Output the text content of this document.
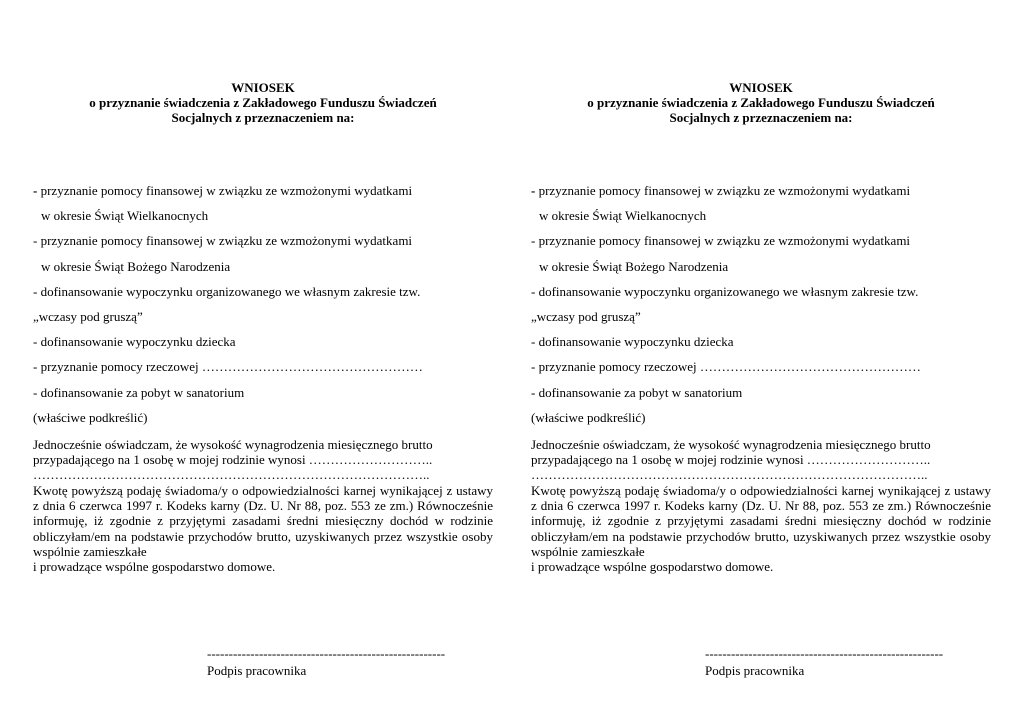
WNIOSEK
o przyznanie świadczenia z Zakładowego Funduszu Świadczeń
Socjalnych z przeznaczeniem na:
- przyznanie pomocy finansowej w związku ze wzmożonymi wydatkami
w okresie Świąt Wielkanocnych
- przyznanie pomocy finansowej w związku ze wzmożonymi wydatkami
w okresie Świąt Bożego Narodzenia
- dofinansowanie wypoczynku organizowanego we własnym zakresie tzw.
„wczasy pod gruszą”
- dofinansowanie wypoczynku dziecka
- przyznanie pomocy rzeczowej ……………………………………………
- dofinansowanie za pobyt w sanatorium
(właściwe podkreślić)

Jednocześnie oświadczam, że wysokość wynagrodzenia miesięcznego brutto

przypadającego na 1 osobę w mojej rodzinie wynosi ………………………..

………………………………………………………………………………..

Kwotę powyższą podaję świadoma/y o odpowiedzialności karnej wynikającej z ustawy z dnia 6 czerwca 1997 r. Kodeks karny (Dz. U. Nr 88, poz. 553 ze zm.) Równocześnie informuję, iż zgodnie z przyjętymi zasadami średni miesięczny dochód w rodzinie obliczyłam/em na podstawie przychodów brutto, uzyskiwanych przez wszystkie osoby wspólnie zamieszkałe

i prowadzące wspólne gospodarstwo domowe.

-------------------------------------------------------
Podpis pracownika
WNIOSEK
o przyznanie świadczenia z Zakładowego Funduszu Świadczeń
Socjalnych z przeznaczeniem na:
- przyznanie pomocy finansowej w związku ze wzmożonymi wydatkami
w okresie Świąt Wielkanocnych
- przyznanie pomocy finansowej w związku ze wzmożonymi wydatkami
w okresie Świąt Bożego Narodzenia
- dofinansowanie wypoczynku organizowanego we własnym zakresie tzw.
„wczasy pod gruszą”
- dofinansowanie wypoczynku dziecka
- przyznanie pomocy rzeczowej ……………………………………………
- dofinansowanie za pobyt w sanatorium
(właściwe podkreślić)

Jednocześnie oświadczam, że wysokość wynagrodzenia miesięcznego brutto

przypadającego na 1 osobę w mojej rodzinie wynosi ………………………..

………………………………………………………………………………..

Kwotę powyższą podaję świadoma/y o odpowiedzialności karnej wynikającej z ustawy z dnia 6 czerwca 1997 r. Kodeks karny (Dz. U. Nr 88, poz. 553 ze zm.) Równocześnie informuję, iż zgodnie z przyjętymi zasadami średni miesięczny dochód w rodzinie obliczyłam/em na podstawie przychodów brutto, uzyskiwanych przez wszystkie osoby wspólnie zamieszkałe

i prowadzące wspólne gospodarstwo domowe.

-------------------------------------------------------
Podpis pracownika
